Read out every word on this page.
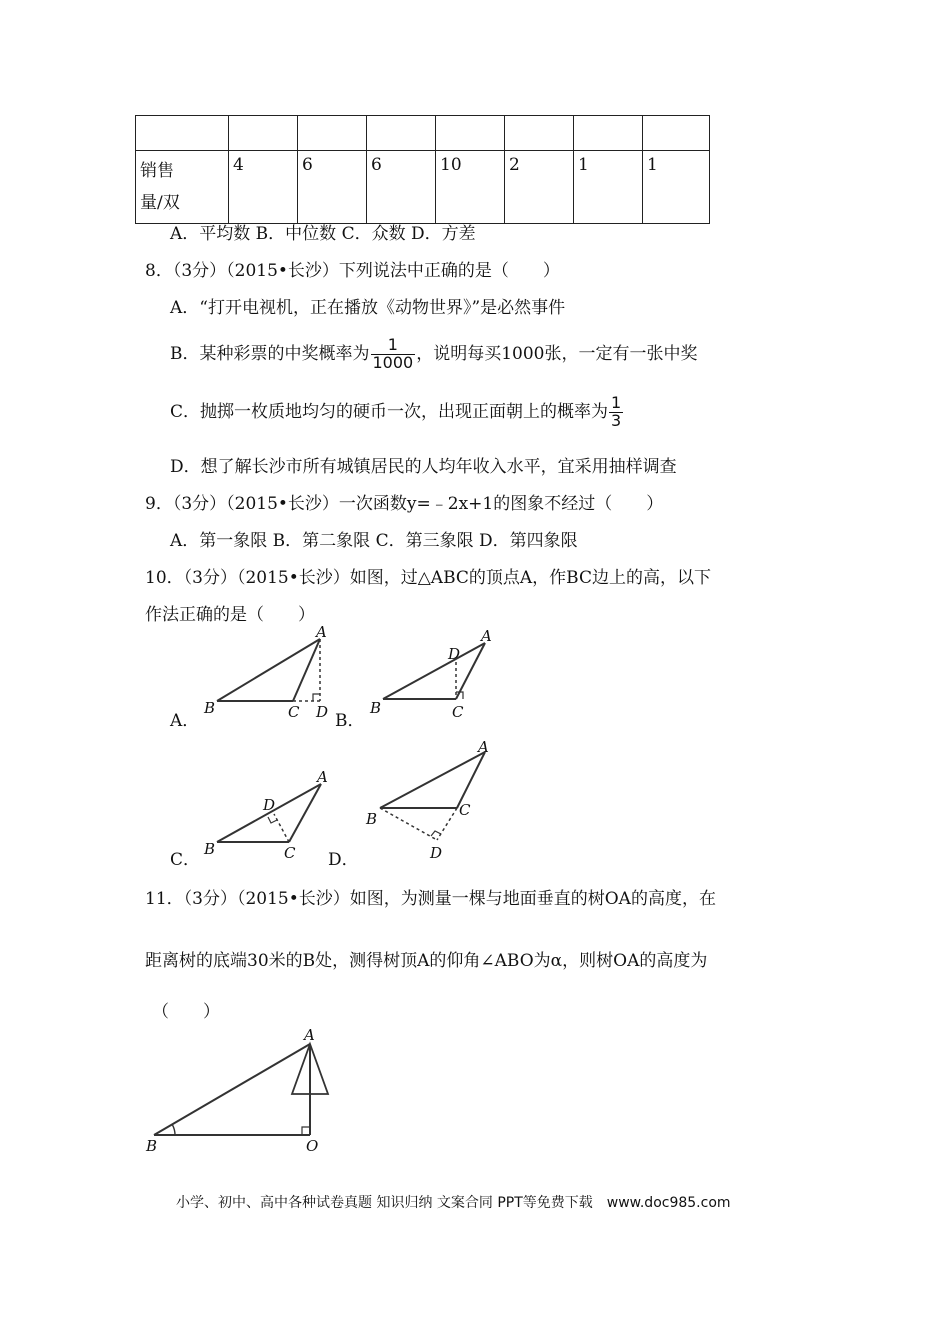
销售
量/双	4	6	6	10	2	1	1
A．平均数 B．中位数 C．众数 D．方差
8．（3分）（2015•长沙）下列说法中正确的是（　　）
A．“打开电视机，正在播放《动物世界》”是必然事件
B．某种彩票的中奖概率为 $\frac{1}{1000}$ ，说明每买1000张，一定有一张中奖
C．抛掷一枚质地均匀的硬币一次，出现正面朝上的概率为 $\frac{1}{3}$
D．想了解长沙市所有城镇居民的人均年收入水平，宜采用抽样调查
9．（3分）（2015•长沙）一次函数y=﹣2x+1的图象不经过（　　）
A．第一象限 B．第二象限 C．第三象限 D．第四象限
10．（3分）（2015•长沙）如图，过△ABC的顶点A，作BC边上的高，以下
作法正确的是（　　）
A．
A
B	C D B．
A
D
B	C
C．
A
D
B	C D．
A
B	C
D
11．（3分）（2015•长沙）如图，为测量一棵与地面垂直的树OA的高度，在
距离树的底端30米的B处，测得树顶A的仰角∠ABO为α，则树OA的高度为
（　　）
A
B	O
小学、初中、高中各种试卷真题 知识归纳 文案合同 PPT等免费下载　www.doc985.com
